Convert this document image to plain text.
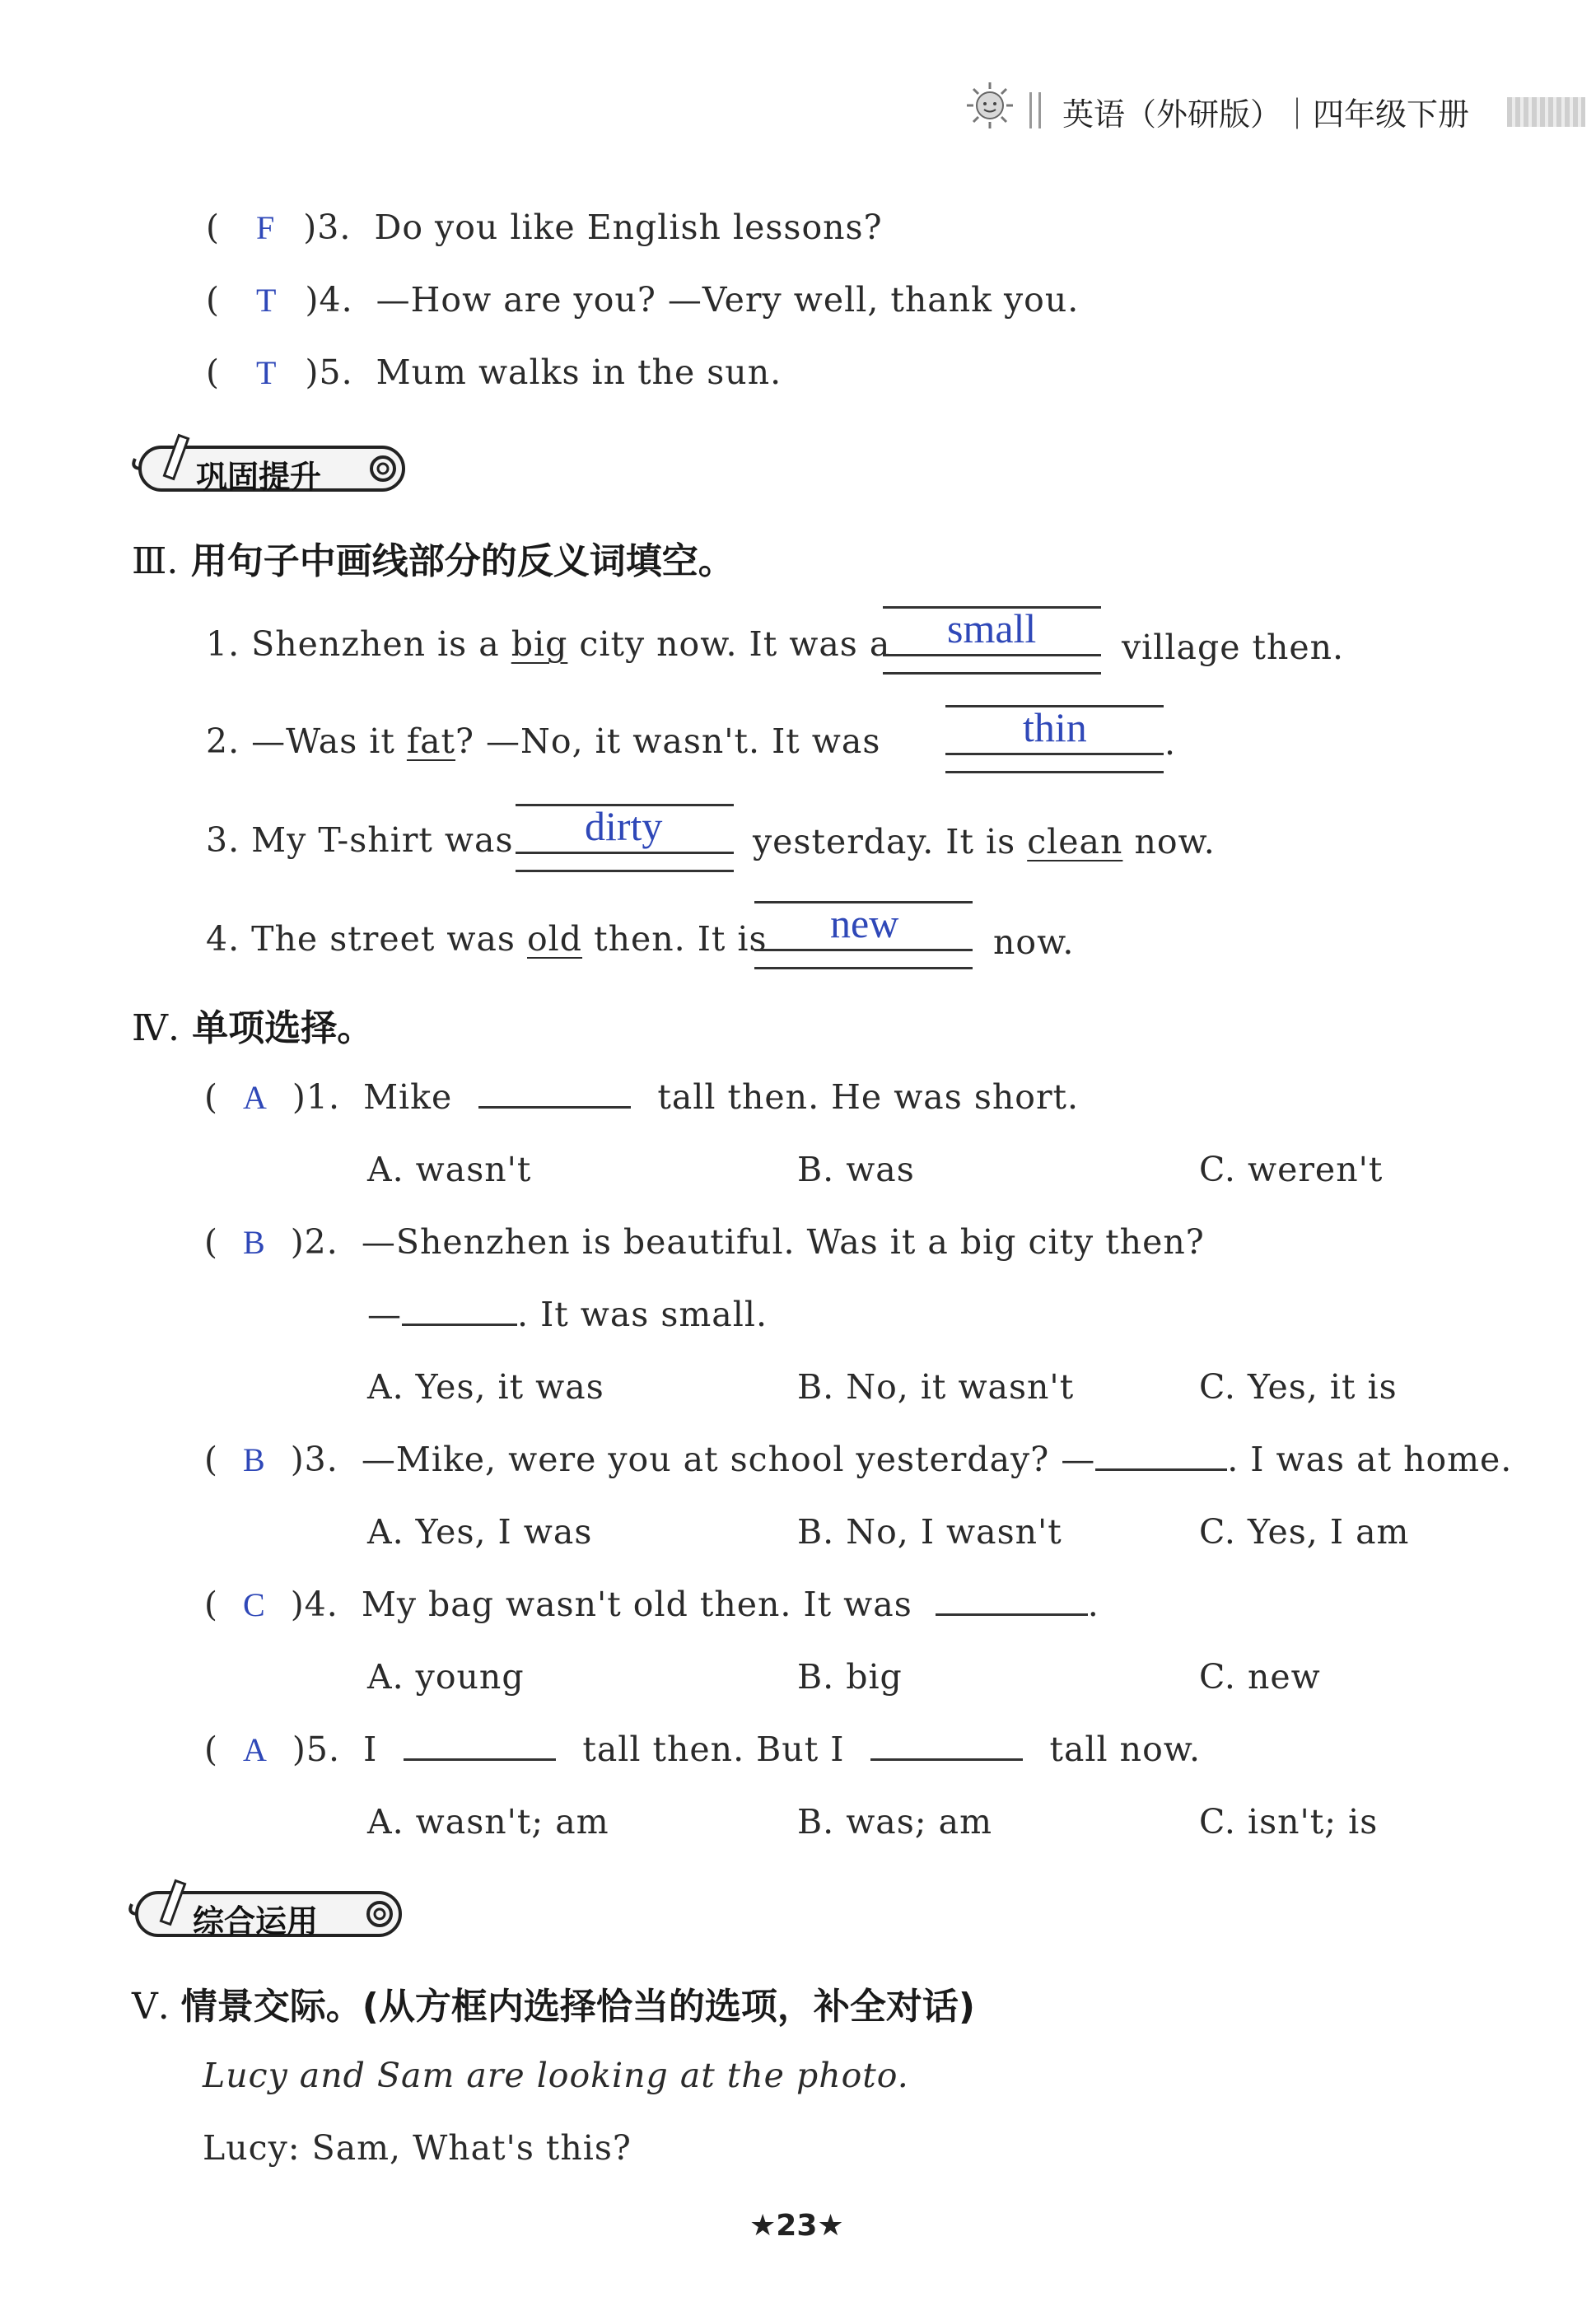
英语（外研版）｜四年级下册
( F )3. Do you like English lessons?
( T )4. —How are you? —Very well, thank you.
( T )5. Mum walks in the sun.
巩固提升
Ⅲ. 用句子中画线部分的反义词填空。
1. Shenzhen is a big city now. It was a small	village then.
2. —Was it fat? —No, it wasn't. It was	thin .
3. My T-shirt was dirty	yesterday. It is clean now.
4. The street was old then. It is new	now.
Ⅳ. 单项选择。
( A )1. Mike	tall then. He was short.
A. wasn't	B. was	C. weren't
( B )2. —Shenzhen is beautiful. Was it a big city then?
—	. It was small.
A. Yes, it was	B. No, it wasn't	C. Yes, it is
( B )3. —Mike, were you at school yesterday? —	. I was at home.
A. Yes, I was	B. No, I wasn't	C. Yes, I am
( C )4. My bag wasn't old then. It was	.
A. young	B. big	C. new
( A )5. I	tall then. But I	tall now.
A. wasn't; am	B. was; am	C. isn't; is
综合运用
Ⅴ. 情景交际。(从方框内选择恰当的选项，补全对话)
Lucy and Sam are looking at the photo.
Lucy: Sam, What's this?
★23★
